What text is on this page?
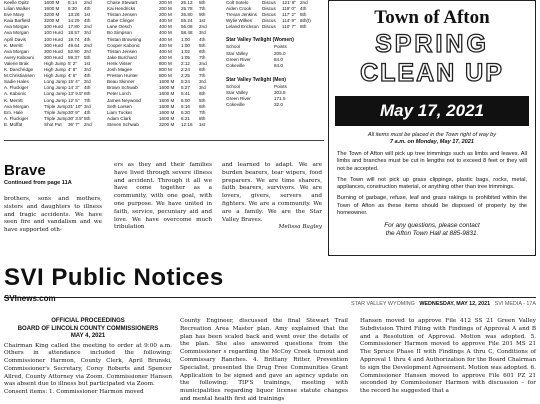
Keelle Opitz	1600 M	6:14	2nd
Lilian Walker	1600 M	6:30	4th
Eve Mavy	3200 M	13:26 1st
Kaia Barfield	3200 M	14:29 4th
Ava Morgan	100 Hurd	17.80 2nd
Ava Morgan	100 Hurd	18.57 3rd
April Davis	100 Hurd	19.74 4th
K. Merritt	300 Hurd	49.64 2nd
Ava Morgan	300 Hurd	52.90 3rd
Avery Kabouni	300 Hurd	59.37 5th
Valerie Brak	High Jump 5' 2"	1st
K. Danchridge	High Jump 4' 8"	3rd
M.Christiansen	High Jump 4' 6"	4th
Sadie Hales	Long Jump 15' 4" 3rd
A. Fluckiger	Long Jump 14' 3" 4th
A. Kabonic	Long Jump 13' 9.5" 6th
K. Merritt	Long Jump 12' 5" 7th
Ava Morgan	Triple Jump 31' 10" 3rd
Em. Hale	Triple Jump 30' 9" 4th
A. Fluckiger	Triple Jump 30' 3.5" 5th
E. Moffat	Shot Put	36' 7" 2nd
Chase Stewart	200 M	25.13	5th
Kai Hendricks	200 M	25.78	7th
Tristan Jensen	200 M	26.80	9th
Gabe Clinger	400 M	55.24	1st
Lane Oesch	400 M	56.08	2nd
Bo Simpson	400 M	58.48	3rd
Tristan Browning	400 M	1:00	4th
Cooper Kabonic	400 M	1:00	5th
Tristan Jensen	400 M	1:02	6th
Jake Burchard	400 M	1:05	7th
Henk Visser	800 M	2:12	2nd
Josh Magee	800 M	2:24	6th
Preston Hunter	800 M	2:25	7th
Beau Skinner	1600 M	5:24	3rd
Brown Schwab	1600 M	5:27	3rd
Peter Lorch	1600 M	5:41	6th
James Neywood	1600 M	6:00	5th
Seth Larsen	1600 M	6:16	6th
Liam Tucker	1600 M	6:20	7th
Adam Clark	1600 M	6:21	8th
Steven Schwab	3200 M	12:16	1st
Colt Sotelo	Discus	121' 8" 2nd
Aiden Crook	Discus	119' 0" 4th
Trevan Jenkins	Discus	117' 2" 5th
Wylie Wilkes	Discus	114' 9" 6th(t)
Leland Erickson Discus	110' 7" 8th
Star Valley Twilight (Women)
School	Points
Star Valley	205.0
Green River	84.0
Cokeville	84.0
Star Valley Twilight (Men)
School	Points
Star Valley	303.5
Green River	171.5
Cokeville	32.0
Brave
Continued from page 11A
brothers, sons and mothers, sisters and daughters to illness and tragic accidents. We have seen fire and vandalism and we have supported oth-
ers as they and their families have lived through severe illness and accident. Through it all we have come together as a community, with one goal, with one purpose. We have united in faith, service, pecuniary aid and love. We have overcome much tribulation
and learned to adapt. We are burden bearers, tear wipers, food preparers. We are time sharers, faith bearers, survivors. We are lovers, givers, servers and fighters. We are a community. We are a family. We are the Star Valley Braves.
Melissa Bagley
Town of Afton
SPRING
CLEAN UP
May 17, 2021
All items must be placed in the Town right of way by
7 a.m. on Monday, May 17, 2021
The Town of Afton will pick up tree trimmings such as limbs and leaves. All limbs and branches must be cut in lengths not to exceed 8 feet or they will not be accepted.
The Town will not pick up grass clippings, plastic bags, rocks, metal, appliances, construction material, or anything other than tree trimmings.
Burning of garbage, refuse, leaf and grass rakings is prohibited within the Town of Afton as these items should be disposed of properly by the homeowner.
For any questions, please contact
the Afton Town Hall at 885-9831.
SVI Public Notices
SVInews.com
STAR VALLEY WYOMING WEDNESDAY, MAY 12, 2021 SVI MEDIA - 17A
OFFICIAL PROCEEDINGS
BOARD OF LINCOLN COUNTY COMMISSIONERS
MAY 4, 2021
Chairman King called the meeting to order at 9:00 a.m. Others in attendance included the following: Commissioner Harmon, County Clerk, April Brunski, Commissioner's Secretary, Corey Roberts and Spencer Allred, County Attorney via Zoom. Commissioner Hansen was absent due to illness but participated via Zoom.
Consent items: 1. Commissioner Harmon moved
County Engineer, discussed the final Stewart Trail Recreation Area Master plan. Amy explained that the plan has been scaled back and went over the details of the plan. She also answered questions from the Commissioner s regarding the McCoy Creek turnout and Commissary Ranches. 4. Brittany Ritter, Prevention Specialist, presented the Drug Free Communities Grant Application to be signed and gave an agency update on the following: TIP'S trainings, meeting with municipalities regarding liquor license statute changes and mental health first aid trainings
Hansen moved to approve File 412 SS 21 Green Valley Subdivision Third Filing with Findings of Approval A and B and a Resolution of Approval. Motion was adopted. 5. Commissioner Harmon moved to approve File 201 MS 21 The Spruce Phase II with Findings A thru C, Conditions of Approval 1 thru 4 and Authorization for the Board Chairman to sign the Development Agreement. Motion was adopted. 6. Commissioner Hansen moved to approve File 601 PZ 21 seconded by Commissioner Harmon with discussion – for the record he suggested that a
